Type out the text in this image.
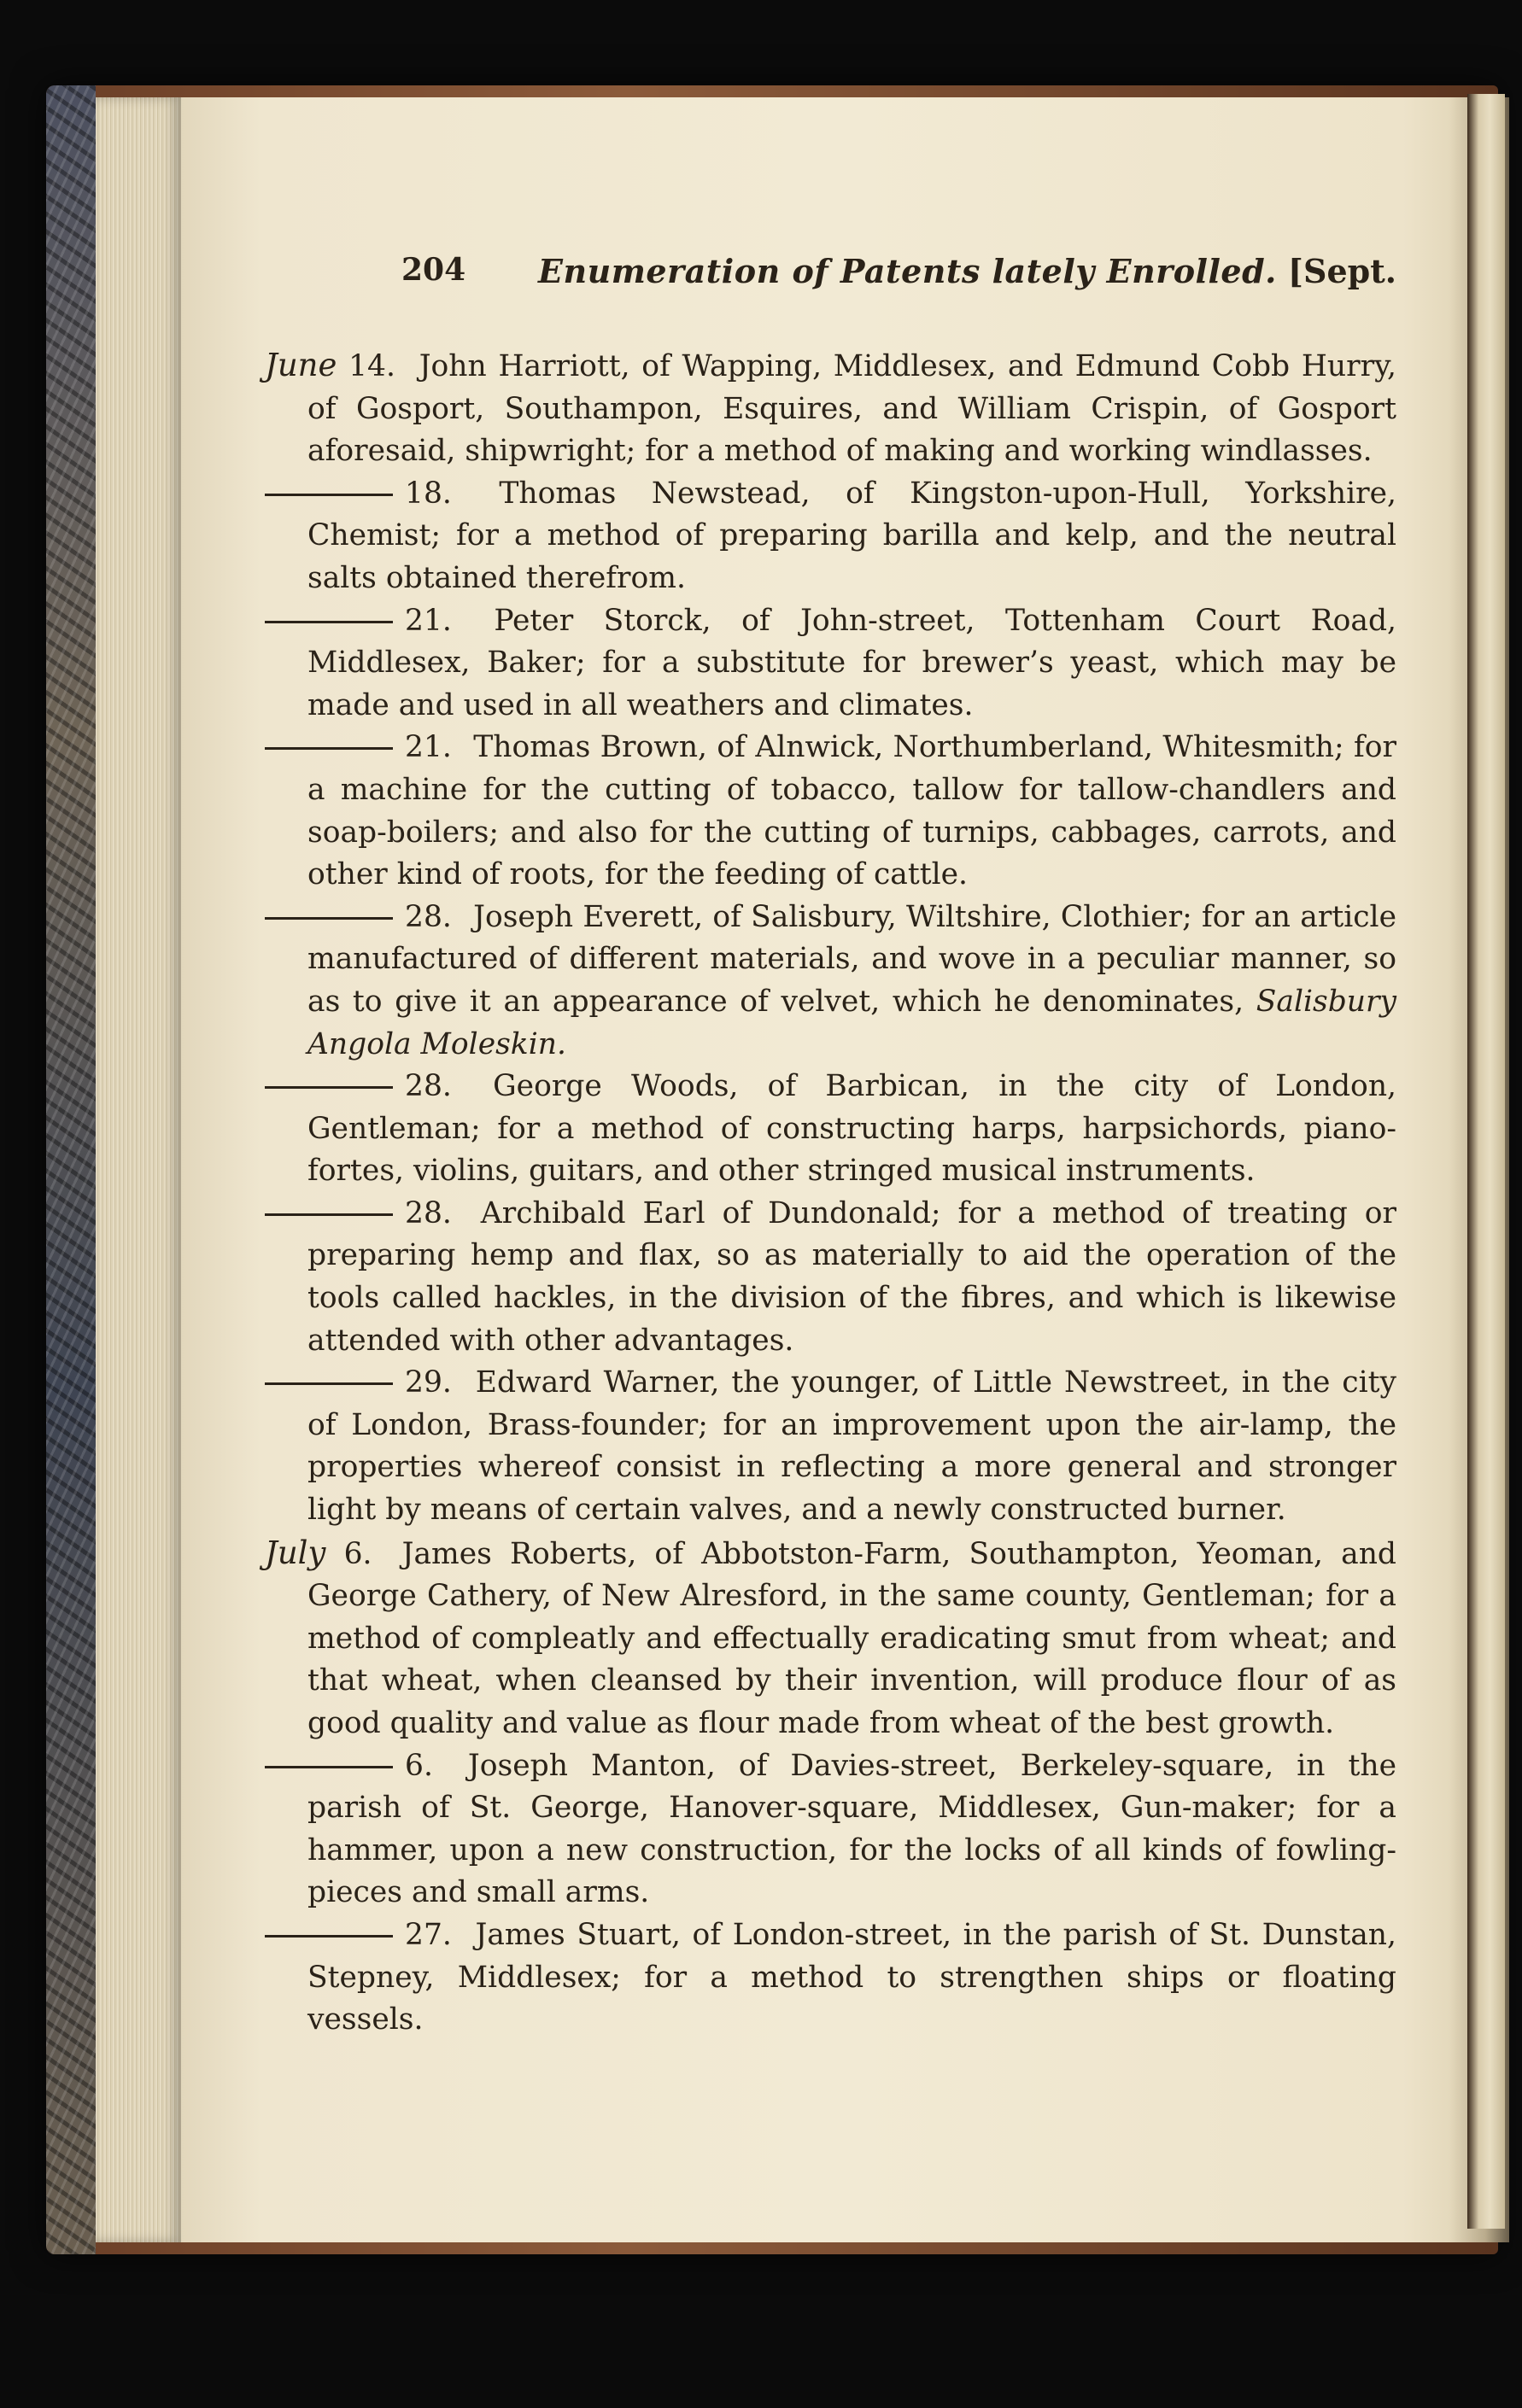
204 Enumeration of Patents lately Enrolled. [Sept.

June 14. John Harriott, of Wapping, Middlesex, and Edmund Cobb Hurry, of Gosport, Southampon, Esquires, and William Crispin, of Gosport aforesaid, shipwright; for a method of making and working windlasses.

18. Thomas Newstead, of Kingston-upon-Hull, Yorkshire, Chemist; for a method of preparing barilla and kelp, and the neutral salts obtained therefrom.

21. Peter Storck, of John-street, Tottenham Court Road, Middlesex, Baker; for a substitute for brewer’s yeast, which may be made and used in all weathers and climates.

21. Thomas Brown, of Alnwick, Northumberland, Whitesmith; for a machine for the cutting of tobacco, tallow for tallow-chandlers and soap-boilers; and also for the cutting of turnips, cabbages, carrots, and other kind of roots, for the feeding of cattle.

28. Joseph Everett, of Salisbury, Wiltshire, Clothier; for an article manufactured of different materials, and wove in a peculiar manner, so as to give it an appearance of velvet, which he denominates, Salisbury Angola Moleskin.

28. George Woods, of Barbican, in the city of London, Gentleman; for a method of constructing harps, harpsichords, piano-fortes, violins, guitars, and other stringed musical instruments.

28. Archibald Earl of Dundonald; for a method of treating or preparing hemp and flax, so as materially to aid the operation of the tools called hackles, in the division of the fibres, and which is likewise attended with other advantages.

29. Edward Warner, the younger, of Little Newstreet, in the city of London, Brass-founder; for an improvement upon the air-lamp, the properties whereof consist in reflecting a more general and stronger light by means of certain valves, and a newly constructed burner.

July 6. James Roberts, of Abbotston-Farm, Southampton, Yeoman, and George Cathery, of New Alresford, in the same county, Gentleman; for a method of compleatly and effectually eradicating smut from wheat; and that wheat, when cleansed by their invention, will produce flour of as good quality and value as flour made from wheat of the best growth.

6. Joseph Manton, of Davies-street, Berkeley-square, in the parish of St. George, Hanover-square, Middlesex, Gun-maker; for a hammer, upon a new construction, for the locks of all kinds of fowling-pieces and small arms.

27. James Stuart, of London-street, in the parish of St. Dunstan, Stepney, Middlesex; for a method to strengthen ships or floating vessels.
